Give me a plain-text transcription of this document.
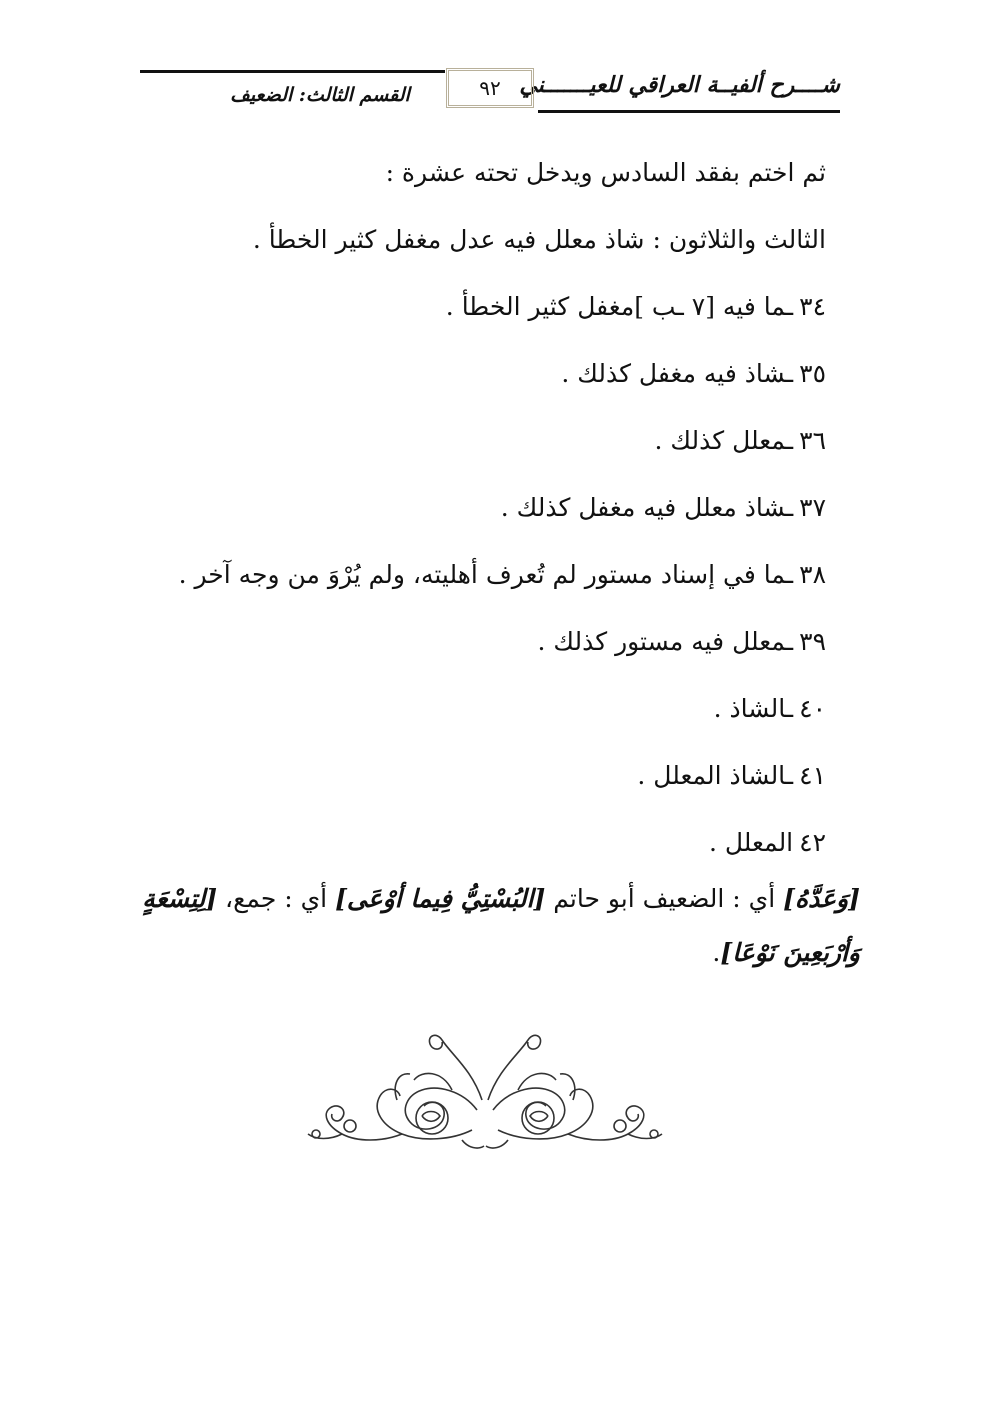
شــــرح ألفيــة العراقي للعيـــــــني
٩٢
القسم الثالث: الضعيف
ثم اختم بفقد السادس ويدخل تحته عشرة :
الثالث والثلاثون : شاذ معلل فيه عدل مغفل كثير الخطأ .
٣٤ـما فيه [٧ ـب ]مغفل كثير الخطأ .
٣٥ـشاذ فيه مغفل كذلك .
٣٦ـمعلل كذلك .
٣٧ـشاذ معلل فيه مغفل كذلك .
٣٨ـما في إسناد مستور لم تُعرف أهليته، ولم يُرْوَ من وجه آخر .
٣٩ـمعلل فيه مستور كذلك .
٤٠ـالشاذ .
٤١ـالشاذ المعلل .
٤٢المعلل .
[وَعَدَّهُ] أي : الضعيف أبو حاتم [البُسْتِيُّ فِيما أوْعَى] أي : جمع، [لِتِسْعَةٍ وَأرْبَعِينَ نَوْعَا].
